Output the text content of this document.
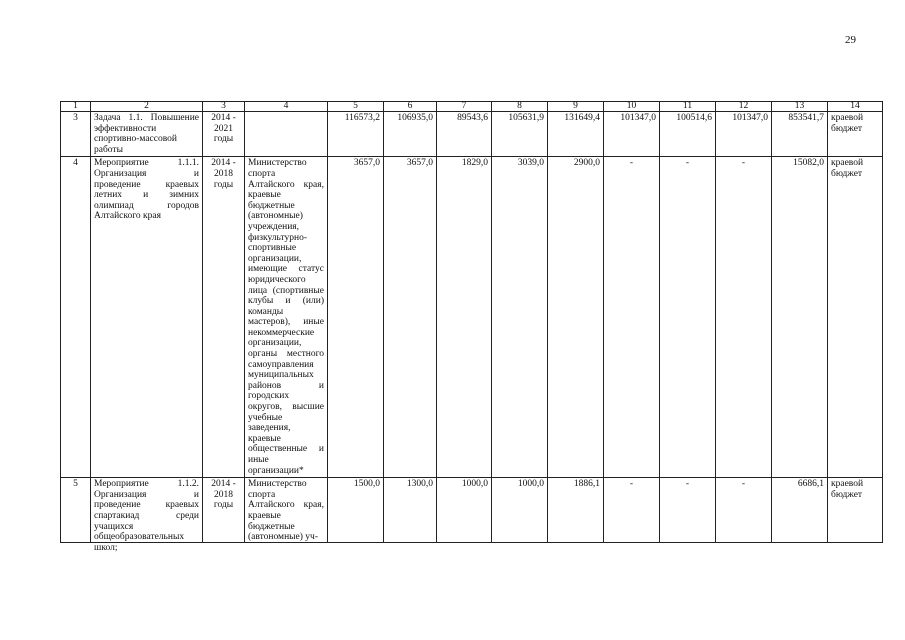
29
1	2	3	4	5	6	7	8	9	10	11	12	13	14
3	Задача 1.1. Повышение эффективности спортивно-массовой работы	2014 - 2021 годы		116573,2	106935,0	89543,6	105631,9	131649,4	101347,0	100514,6	101347,0	853541,7	краевой бюджет
4	Мероприятие 1.1.1. Организация и проведение краевых летних и зимних олимпиад городов Алтайского края	2014 - 2018 годы	Министерство спорта Алтайского края, краевые бюджетные (автономные) учреждения, физкультурно-спортивные организации, имеющие статус юридического лица (спортивные клубы и (или) команды мастеров), иные некоммерческие организации, органы местного самоуправления муниципальных районов и городских округов, высшие учебные заведения, краевые общественные и иные организации*	3657,0	3657,0	1829,0	3039,0	2900,0	-	-	-	15082,0	краевой бюджет
5	Мероприятие 1.1.2. Организация и проведение краевых спартакиад среди учащихся общеобразовательных школ;	2014 - 2018 годы	Министерство спорта Алтайского края, краевые бюджетные (автономные) уч-	1500,0	1300,0	1000,0	1000,0	1886,1	-	-	-	6686,1	краевой бюджет
